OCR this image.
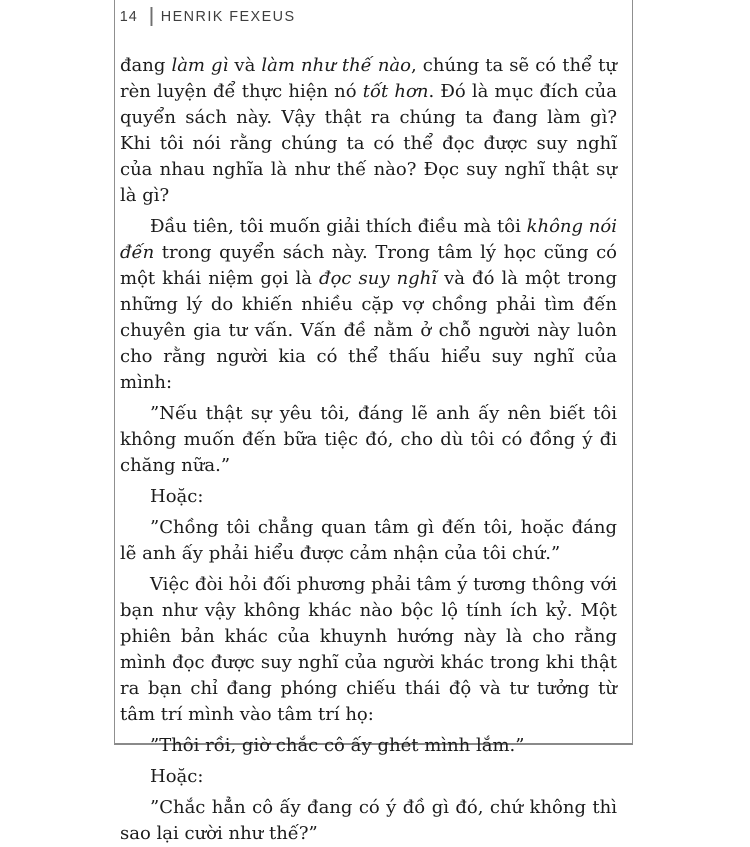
14 HENRIK FEXEUS

đang làm gì và làm như thế nào, chúng ta sẽ có thể tự rèn luyện để thực hiện nó tốt hơn. Đó là mục đích của quyển sách này. Vậy thật ra chúng ta đang làm gì? Khi tôi nói rằng chúng ta có thể đọc được suy nghĩ của nhau nghĩa là như thế nào? Đọc suy nghĩ thật sự là gì?

Đầu tiên, tôi muốn giải thích điều mà tôi không nói đến trong quyển sách này. Trong tâm lý học cũng có một khái niệm gọi là đọc suy nghĩ và đó là một trong những lý do khiến nhiều cặp vợ chồng phải tìm đến chuyên gia tư vấn. Vấn đề nằm ở chỗ người này luôn cho rằng người kia có thể thấu hiểu suy nghĩ của mình:

”Nếu thật sự yêu tôi, đáng lẽ anh ấy nên biết tôi không muốn đến bữa tiệc đó, cho dù tôi có đồng ý đi chăng nữa.”

Hoặc:

”Chồng tôi chẳng quan tâm gì đến tôi, hoặc đáng lẽ anh ấy phải hiểu được cảm nhận của tôi chứ.”

Việc đòi hỏi đối phương phải tâm ý tương thông với bạn như vậy không khác nào bộc lộ tính ích kỷ. Một phiên bản khác của khuynh hướng này là cho rằng mình đọc được suy nghĩ của người khác trong khi thật ra bạn chỉ đang phóng chiếu thái độ và tư tưởng từ tâm trí mình vào tâm trí họ:

”Thôi rồi, giờ chắc cô ấy ghét mình lắm.”

Hoặc:

”Chắc hẳn cô ấy đang có ý đồ gì đó, chứ không thì sao lại cười như thế?”
